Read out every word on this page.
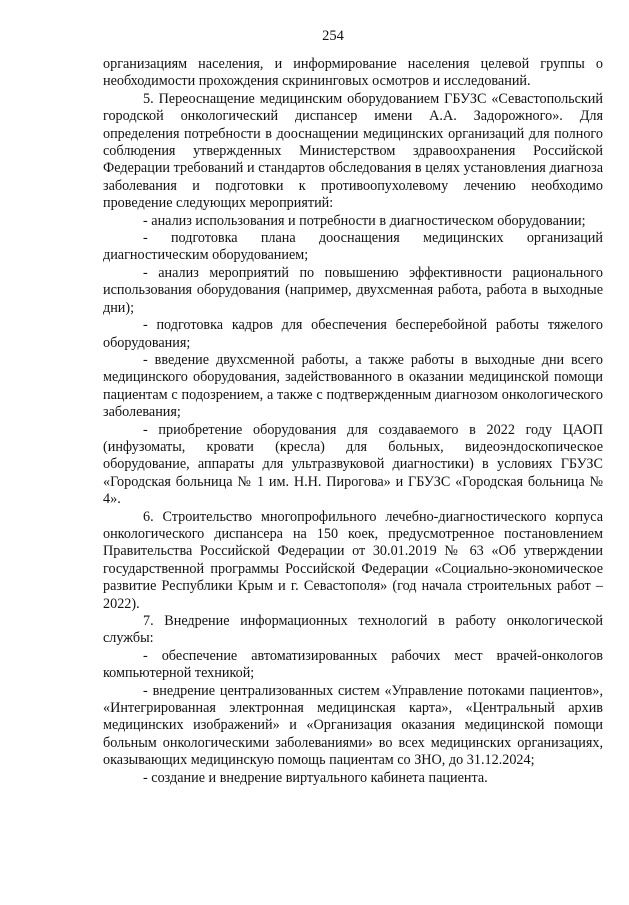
254

организациям населения, и информирование населения целевой группы о необходимости прохождения скрининговых осмотров и исследований.

5. Переоснащение медицинским оборудованием ГБУЗС «Севастопольский городской онкологический диспансер имени А.А. Задорожного». Для определения потребности в дооснащении медицинских организаций для полного соблюдения утвержденных Министерством здравоохранения Российской Федерации требований и стандартов обследования в целях установления диагноза заболевания и подготовки к противоопухолевому лечению необходимо проведение следующих мероприятий:

- анализ использования и потребности в диагностическом оборудовании;

- подготовка плана дооснащения медицинских организаций диагностическим оборудованием;

- анализ мероприятий по повышению эффективности рационального использования оборудования (например, двухсменная работа, работа в выходные дни);

- подготовка кадров для обеспечения бесперебойной работы тяжелого оборудования;

- введение двухсменной работы, а также работы в выходные дни всего медицинского оборудования, задействованного в оказании медицинской помощи пациентам с подозрением, а также с подтвержденным диагнозом онкологического заболевания;

- приобретение оборудования для создаваемого в 2022 году ЦАОП (инфузоматы, кровати (кресла) для больных, видеоэндоскопическое оборудование, аппараты для ультразвуковой диагностики) в условиях ГБУЗС «Городская больница № 1 им. Н.Н. Пирогова» и ГБУЗС «Городская больница № 4».

6. Строительство многопрофильного лечебно-диагностического корпуса онкологического диспансера на 150 коек, предусмотренное постановлением Правительства Российской Федерации от 30.01.2019 № 63 «Об утверждении государственной программы Российской Федерации «Социально-экономическое развитие Республики Крым и г. Севастополя» (год начала строительных работ – 2022).

7. Внедрение информационных технологий в работу онкологической службы:

- обеспечение автоматизированных рабочих мест врачей-онкологов компьютерной техникой;

- внедрение централизованных систем «Управление потоками пациентов», «Интегрированная электронная медицинская карта», «Центральный архив медицинских изображений» и «Организация оказания медицинской помощи больным онкологическими заболеваниями» во всех медицинских организациях, оказывающих медицинскую помощь пациентам со ЗНО, до 31.12.2024;

- создание и внедрение виртуального кабинета пациента.
